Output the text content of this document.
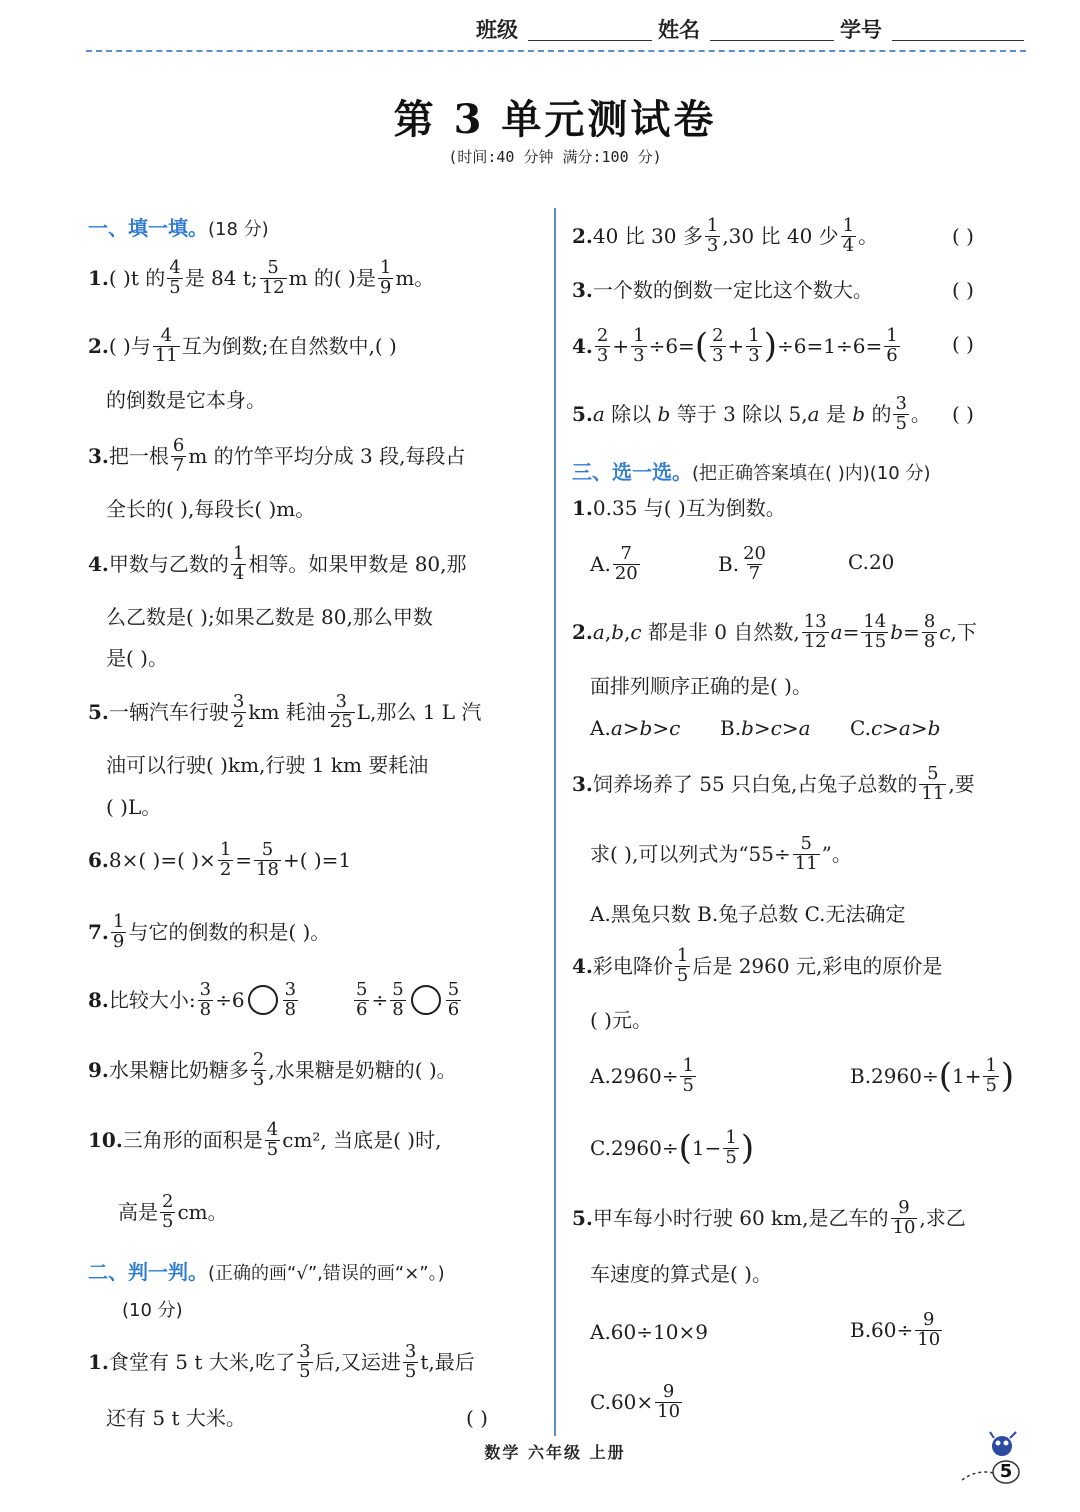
班级	姓名	学号
第 3 单元测试卷
(时间:40 分钟 满分:100 分)
一、填一填。(18 分)
1. ( )t 的 $\frac{4}{5}$ 是 84 t; $\frac{5}{12}$ m 的( )是 $\frac{1}{9}$ m。
2. ( )与 $\frac{4}{11}$ 互为倒数;在自然数中,( )
的倒数是它本身。
3. 把一根 $\frac{6}{7}$ m 的竹竿平均分成 3 段,每段占
全长的( ),每段长( )m。
4. 甲数与乙数的 $\frac{1}{4}$ 相等。如果甲数是 80,那
么乙数是( );如果乙数是 80,那么甲数
是( )。
5. 一辆汽车行驶 $\frac{3}{2}$ km 耗油 $\frac{3}{25} L$,那么 1 L 汽
油可以行驶( )km,行驶 1 km 要耗油
( )L。
6. 8×( )=( )× $\frac{1}{2} = \frac{5}{18}$ +( )=1
7. $\frac{1}{9}$ 与它的倒数的积是( )。
8. 比较大小: $\frac{3}{8} \div 6 \frac{3}{8}$	$\frac{5}{6} \div \frac{5}{8} \frac{5}{6}$
9. 水果糖比奶糖多 $\frac{2}{3}$ ,水果糖是奶糖的( )。
10. 三角形的面积是 $\frac{4}{5} cm^2$, 当底是( )时,
高是 $\frac{2}{5}$ cm。
二、判一判。(正确的画“√”,错误的画“×”。)
(10 分)
1. 食堂有 5 t 大米,吃了 $\frac{3}{5}$ 后,又运进 $\frac{3}{5} t$,最后
还有 5 t 大米。	( )
2. 40 比 30 多 $\frac{1}{3} ,30$ 比 40 少 $\frac{1}{4}$ 。	( )
3. 一个数的倒数一定比这个数大。	( )
4. $\frac{2}{3} + \frac{1}{3} \div 6=$ ( $\frac{2}{3} + \frac{1}{3}$ ) $\div 6=1\div 6= \frac{1}{6}$	( )
5. a
除以
b
等于 3 除以 5, a
是
b
的 $\frac{3}{5}$ 。 ( )
三、选一选。(把正确答案填在( )内)(10 分)
1. 0.35 与( )互为倒数。
A. $\frac{7}{20}$	B. $\frac{20}{7}$	C.20
2. a , b , c
都是非 0 自然数, $\frac{13}{12}$ $a = \frac{14}{15}$ $b = \frac{8}{8}$ c ,下
面排列顺序正确的是( )。
A. a > b > c B. b > c > a C. c > a > b
3. 饲养场养了 55 只白兔,占兔子总数的 $\frac{5}{11}$ ,要
求( ),可以列式为“$55\div \frac{5}{11}$ ”。
A.黑兔只数 B.兔子总数 C.无法确定
4. 彩电降价 $\frac{1}{5}$ 后是 2960 元,彩电的原价是
( )元。
$A.2960\div \frac{1}{5}$	B.2960÷ ( $1+ \frac{1}{5}$ )
C.2960÷ ( $1- \frac{1}{5}$ )
5. 甲车每小时行驶 60 km,是乙车的 $\frac{9}{10}$ ,求乙
车速度的算式是( )。
A.60÷10×9	$B.60\div \frac{9}{10}$
$C.60\times \frac{9}{10}$
数学 六年级 上册
5
